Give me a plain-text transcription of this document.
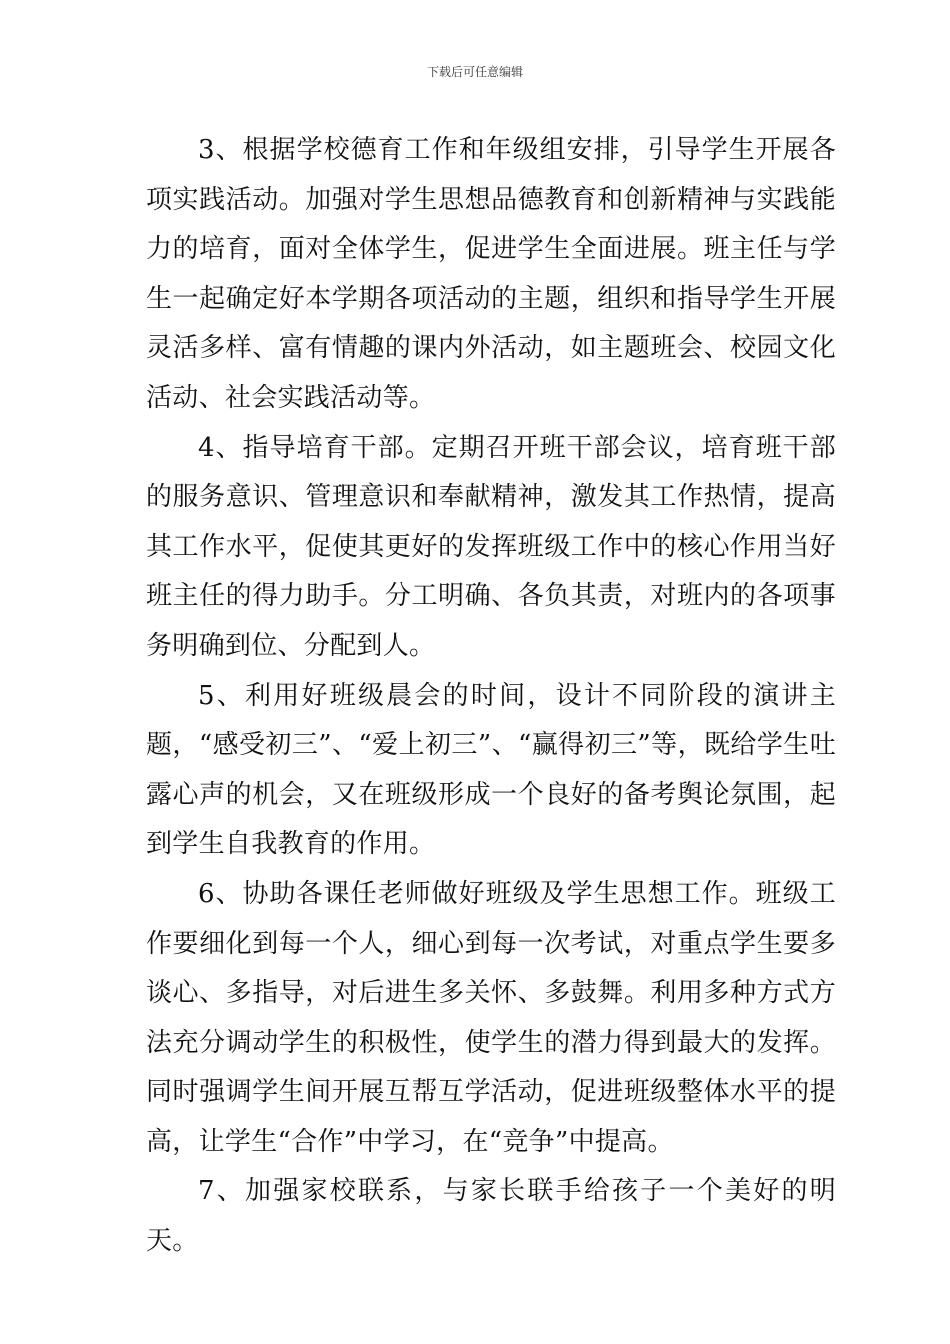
下载后可任意编辑

3、根据学校德育工作和年级组安排，引导学生开展各项实践活动。加强对学生思想品德教育和创新精神与实践能力的培育，面对全体学生，促进学生全面进展。班主任与学生一起确定好本学期各项活动的主题，组织和指导学生开展灵活多样、富有情趣的课内外活动，如主题班会、校园文化活动、社会实践活动等。

4、指导培育干部。定期召开班干部会议，培育班干部的服务意识、管理意识和奉献精神，激发其工作热情，提高其工作水平，促使其更好的发挥班级工作中的核心作用当好班主任的得力助手。分工明确、各负其责，对班内的各项事务明确到位、分配到人。

5、利用好班级晨会的时间，设计不同阶段的演讲主题，“感受初三”、“爱上初三”、“赢得初三”等，既给学生吐露心声的机会，又在班级形成一个良好的备考舆论氛围，起到学生自我教育的作用。

6、协助各课任老师做好班级及学生思想工作。班级工作要细化到每一个人，细心到每一次考试，对重点学生要多谈心、多指导，对后进生多关怀、多鼓舞。利用多种方式方法充分调动学生的积极性，使学生的潜力得到最大的发挥。同时强调学生间开展互帮互学活动，促进班级整体水平的提高，让学生“合作”中学习，在“竞争”中提高。

7、加强家校联系，与家长联手给孩子一个美好的明天。
